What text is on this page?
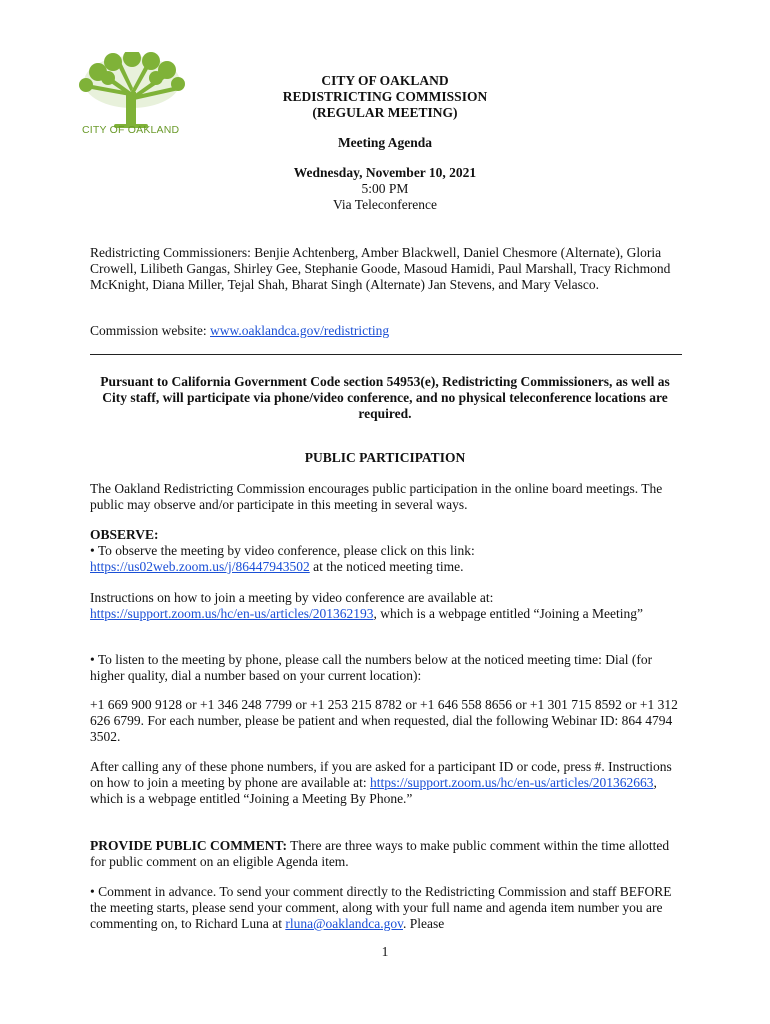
CITY OF OAKLAND
CITY OF OAKLAND
REDISTRICTING COMMISSION
(REGULAR MEETING)
Meeting Agenda
Wednesday, November 10, 2021
5:00 PM
Via Teleconference
Redistricting Commissioners: Benjie Achtenberg, Amber Blackwell, Daniel Chesmore (Alternate), Gloria Crowell, Lilibeth Gangas, Shirley Gee, Stephanie Goode, Masoud Hamidi, Paul Marshall, Tracy Richmond McKnight, Diana Miller, Tejal Shah, Bharat Singh (Alternate) Jan Stevens, and Mary Velasco.
Commission website: www.oaklandca.gov/redistricting
Pursuant to California Government Code section 54953(e), Redistricting Commissioners, as well as City staff, will participate via phone/video conference, and no physical teleconference locations are required.
PUBLIC PARTICIPATION
The Oakland Redistricting Commission encourages public participation in the online board meetings. The public may observe and/or participate in this meeting in several ways.
OBSERVE:
• To observe the meeting by video conference, please click on this link:
https://us02web.zoom.us/j/86447943502 at the noticed meeting time.
Instructions on how to join a meeting by video conference are available at:
https://support.zoom.us/hc/en-us/articles/201362193, which is a webpage entitled “Joining a Meeting”
• To listen to the meeting by phone, please call the numbers below at the noticed meeting time: Dial (for higher quality, dial a number based on your current location):
+1 669 900 9128 or +1 346 248 7799 or +1 253 215 8782 or +1 646 558 8656 or +1 301 715 8592 or +1 312 626 6799. For each number, please be patient and when requested, dial the following Webinar ID: 864 4794 3502.
After calling any of these phone numbers, if you are asked for a participant ID or code, press #. Instructions on how to join a meeting by phone are available at: https://support.zoom.us/hc/en-us/articles/201362663, which is a webpage entitled “Joining a Meeting By Phone.”
PROVIDE PUBLIC COMMENT: There are three ways to make public comment within the time allotted for public comment on an eligible Agenda item.
• Comment in advance. To send your comment directly to the Redistricting Commission and staff BEFORE the meeting starts, please send your comment, along with your full name and agenda item number you are commenting on, to Richard Luna at rluna@oaklandca.gov. Please
1
